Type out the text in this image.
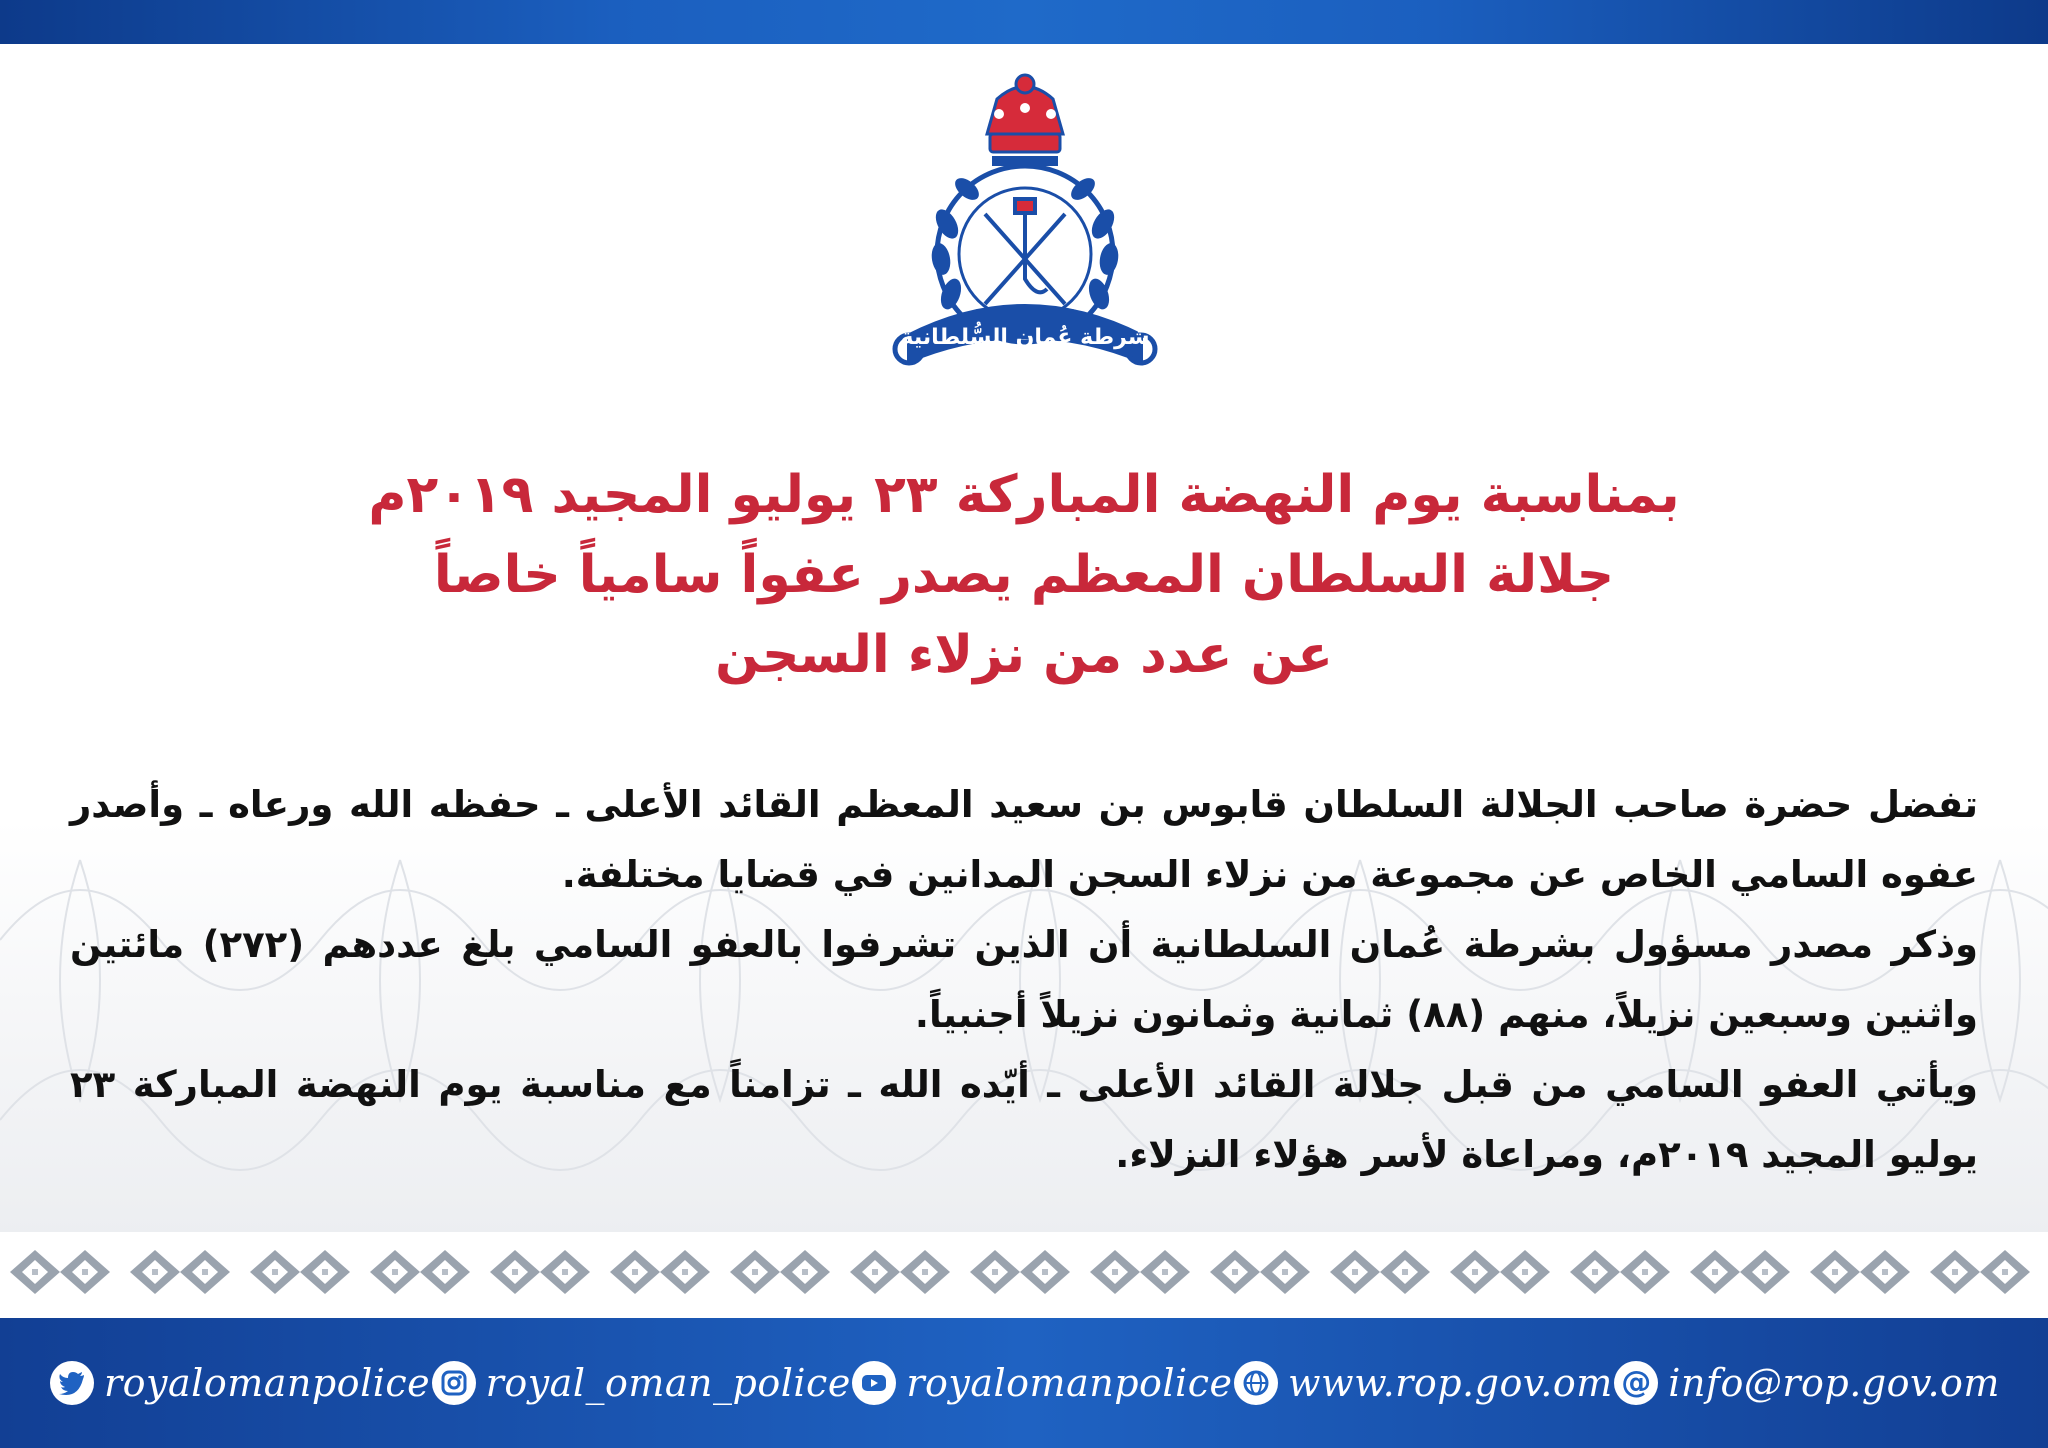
شرطة عُمان السُّلطانية
بمناسبة يوم النهضة المباركة ٢٣ يوليو المجيد ٢٠١٩م
جلالة السلطان المعظم يصدر عفواً سامياً خاصاً
عن عدد من نزلاء السجن

تفضل حضرة صاحب الجلالة السلطان قابوس بن سعيد المعظم القائد الأعلى ـ حفظه الله ورعاه ـ وأصدر عفوه السامي الخاص عن مجموعة من نزلاء السجن المدانين في قضايا مختلفة.

وذكر مصدر مسؤول بشرطة عُمان السلطانية أن الذين تشرفوا بالعفو السامي بلغ عددهم (٢٧٢) مائتين واثنين وسبعين نزيلاً، منهم (٨٨) ثمانية وثمانون نزيلاً أجنبياً.

ويأتي العفو السامي من قبل جلالة القائد الأعلى ـ أيّده الله ـ تزامناً مع مناسبة يوم النهضة المباركة ٢٣ يوليو المجيد ٢٠١٩م، ومراعاة لأسر هؤلاء النزلاء.

royalomanpolice royal_oman_police royalomanpolice www.rop.gov.om @ info@rop.gov.om
